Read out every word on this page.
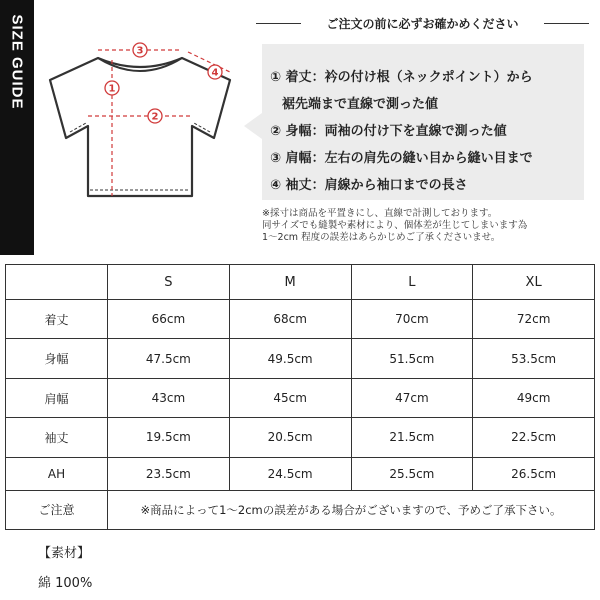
SIZE GUIDE	3
4
1
2
ご注文の前に必ずお確かめください
① 着丈：衿の付け根（ネックポイント）から
裾先端まで直線で測った値
② 身幅：両袖の付け下を直線で測った値
③ 肩幅：左右の肩先の縫い目から縫い目まで
④ 袖丈：肩線から袖口までの長さ
※採寸は商品を平置きにし、直線で計測しております。
同サイズでも縫製や素材により、個体差が生じてしまいます為
1〜2cm 程度の誤差はあらかじめご了承くださいませ。
	S	M	L	XL
着丈	66cm	68cm	70cm	72cm
身幅	47.5cm	49.5cm	51.5cm	53.5cm
肩幅	43cm	45cm	47cm	49cm
袖丈	19.5cm	20.5cm	21.5cm	22.5cm
AH	23.5cm	24.5cm	25.5cm	26.5cm
ご注意	※商品によって1〜2cmの誤差がある場合がございますので、予めご了承下さい。			
【素材】
綿 100%
